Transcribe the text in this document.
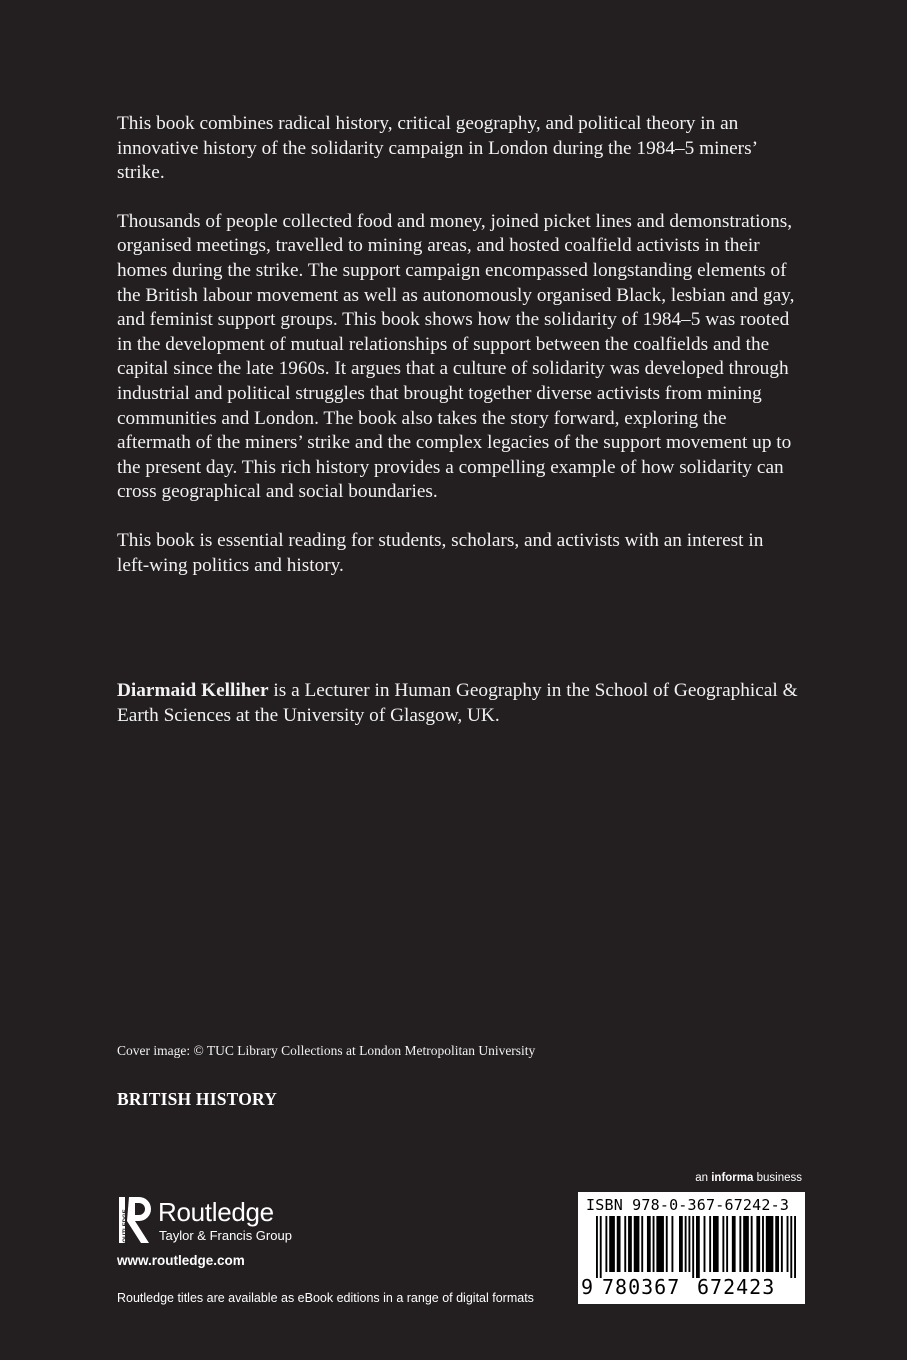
This book combines radical history, critical geography, and political theory in an innovative history of the solidarity campaign in London during the 1984–5 miners’ strike.

Thousands of people collected food and money, joined picket lines and demonstrations, organised meetings, travelled to mining areas, and hosted coalfield activists in their homes during the strike. The support campaign encompassed longstanding elements of the British labour movement as well as autonomously organised Black, lesbian and gay, and feminist support groups. This book shows how the solidarity of 1984–5 was rooted in the development of mutual relationships of support between the coalfields and the capital since the late 1960s. It argues that a culture of solidarity was developed through industrial and political struggles that brought together diverse activists from mining communities and London. The book also takes the story forward, exploring the aftermath of the miners’ strike and the complex legacies of the support movement up to the present day. This rich history provides a compelling example of how solidarity can cross geographical and social boundaries.

This book is essential reading for students, scholars, and activists with an interest in left-wing politics and history.

Diarmaid Kelliher is a Lecturer in Human Geography in the School of Geographical & Earth Sciences at the University of Glasgow, UK.

Cover image: © TUC Library Collections at London Metropolitan University
BRITISH HISTORY
ROUTLEDGE Routledge
Taylor & Francis Group
www.routledge.com
Routledge titles are available as eBook editions in a range of digital formats
an informa business
ISBN 978-0-367-67242-3
9 780367 672423
